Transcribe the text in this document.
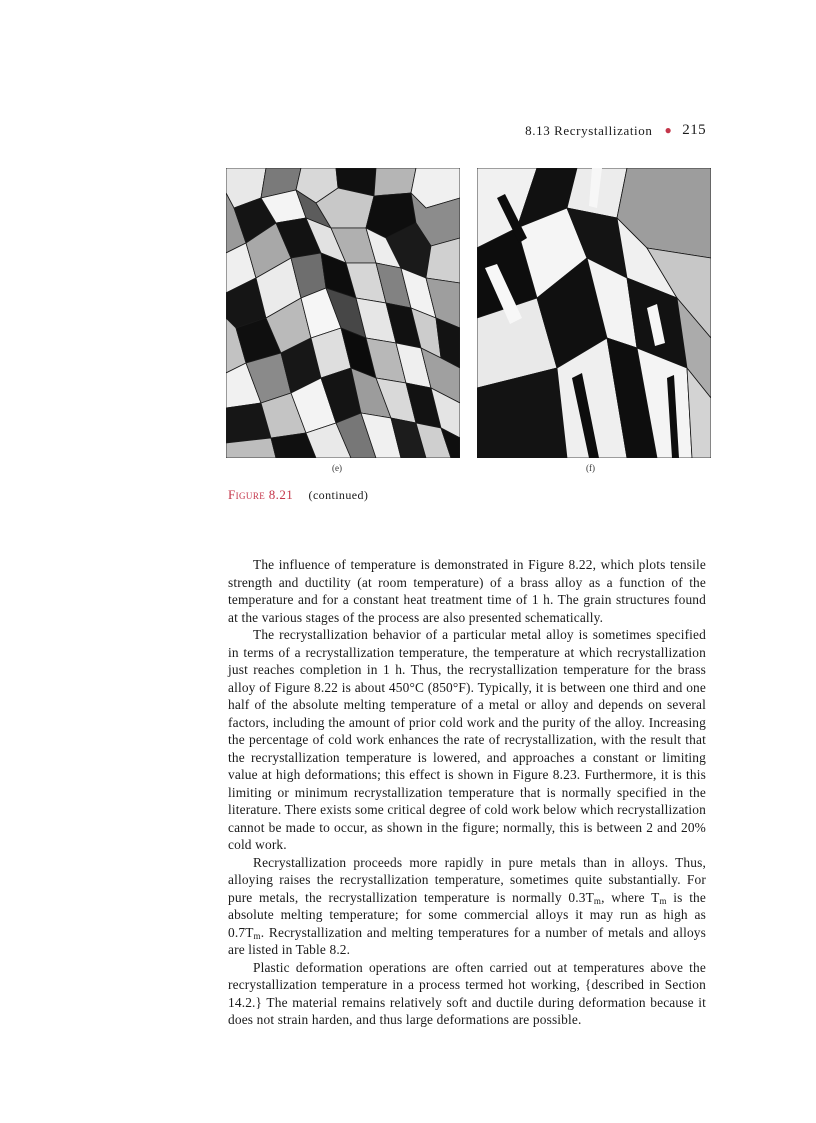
8.13 Recrystallization ● 215
(e)	(f)
Figure 8.21 (continued)

The influence of temperature is demonstrated in Figure 8.22, which plots tensile strength and ductility (at room temperature) of a brass alloy as a function of the temperature and for a constant heat treatment time of 1 h. The grain structures found at the various stages of the process are also presented schematically.

The recrystallization behavior of a particular metal alloy is sometimes specified in terms of a recrystallization temperature, the temperature at which recrystallization just reaches completion in 1 h. Thus, the recrystallization temperature for the brass alloy of Figure 8.22 is about 450°C (850°F). Typically, it is between one third and one half of the absolute melting temperature of a metal or alloy and depends on several factors, including the amount of prior cold work and the purity of the alloy. Increasing the percentage of cold work enhances the rate of recrystallization, with the result that the recrystallization temperature is lowered, and approaches a constant or limiting value at high deformations; this effect is shown in Figure 8.23. Furthermore, it is this limiting or minimum recrystallization temperature that is normally specified in the literature. There exists some critical degree of cold work below which recrystallization cannot be made to occur, as shown in the figure; normally, this is between 2 and 20% cold work.

Recrystallization proceeds more rapidly in pure metals than in alloys. Thus, alloying raises the recrystallization temperature, sometimes quite substantially. For pure metals, the recrystallization temperature is normally $0.3T_m$, where $T_m$ is the absolute melting temperature; for some commercial alloys it may run as high as $0.7T_m$. Recrystallization and melting temperatures for a number of metals and alloys are listed in Table 8.2.

Plastic deformation operations are often carried out at temperatures above the recrystallization temperature in a process termed hot working, {described in Section 14.2.} The material remains relatively soft and ductile during deformation because it does not strain harden, and thus large deformations are possible.
